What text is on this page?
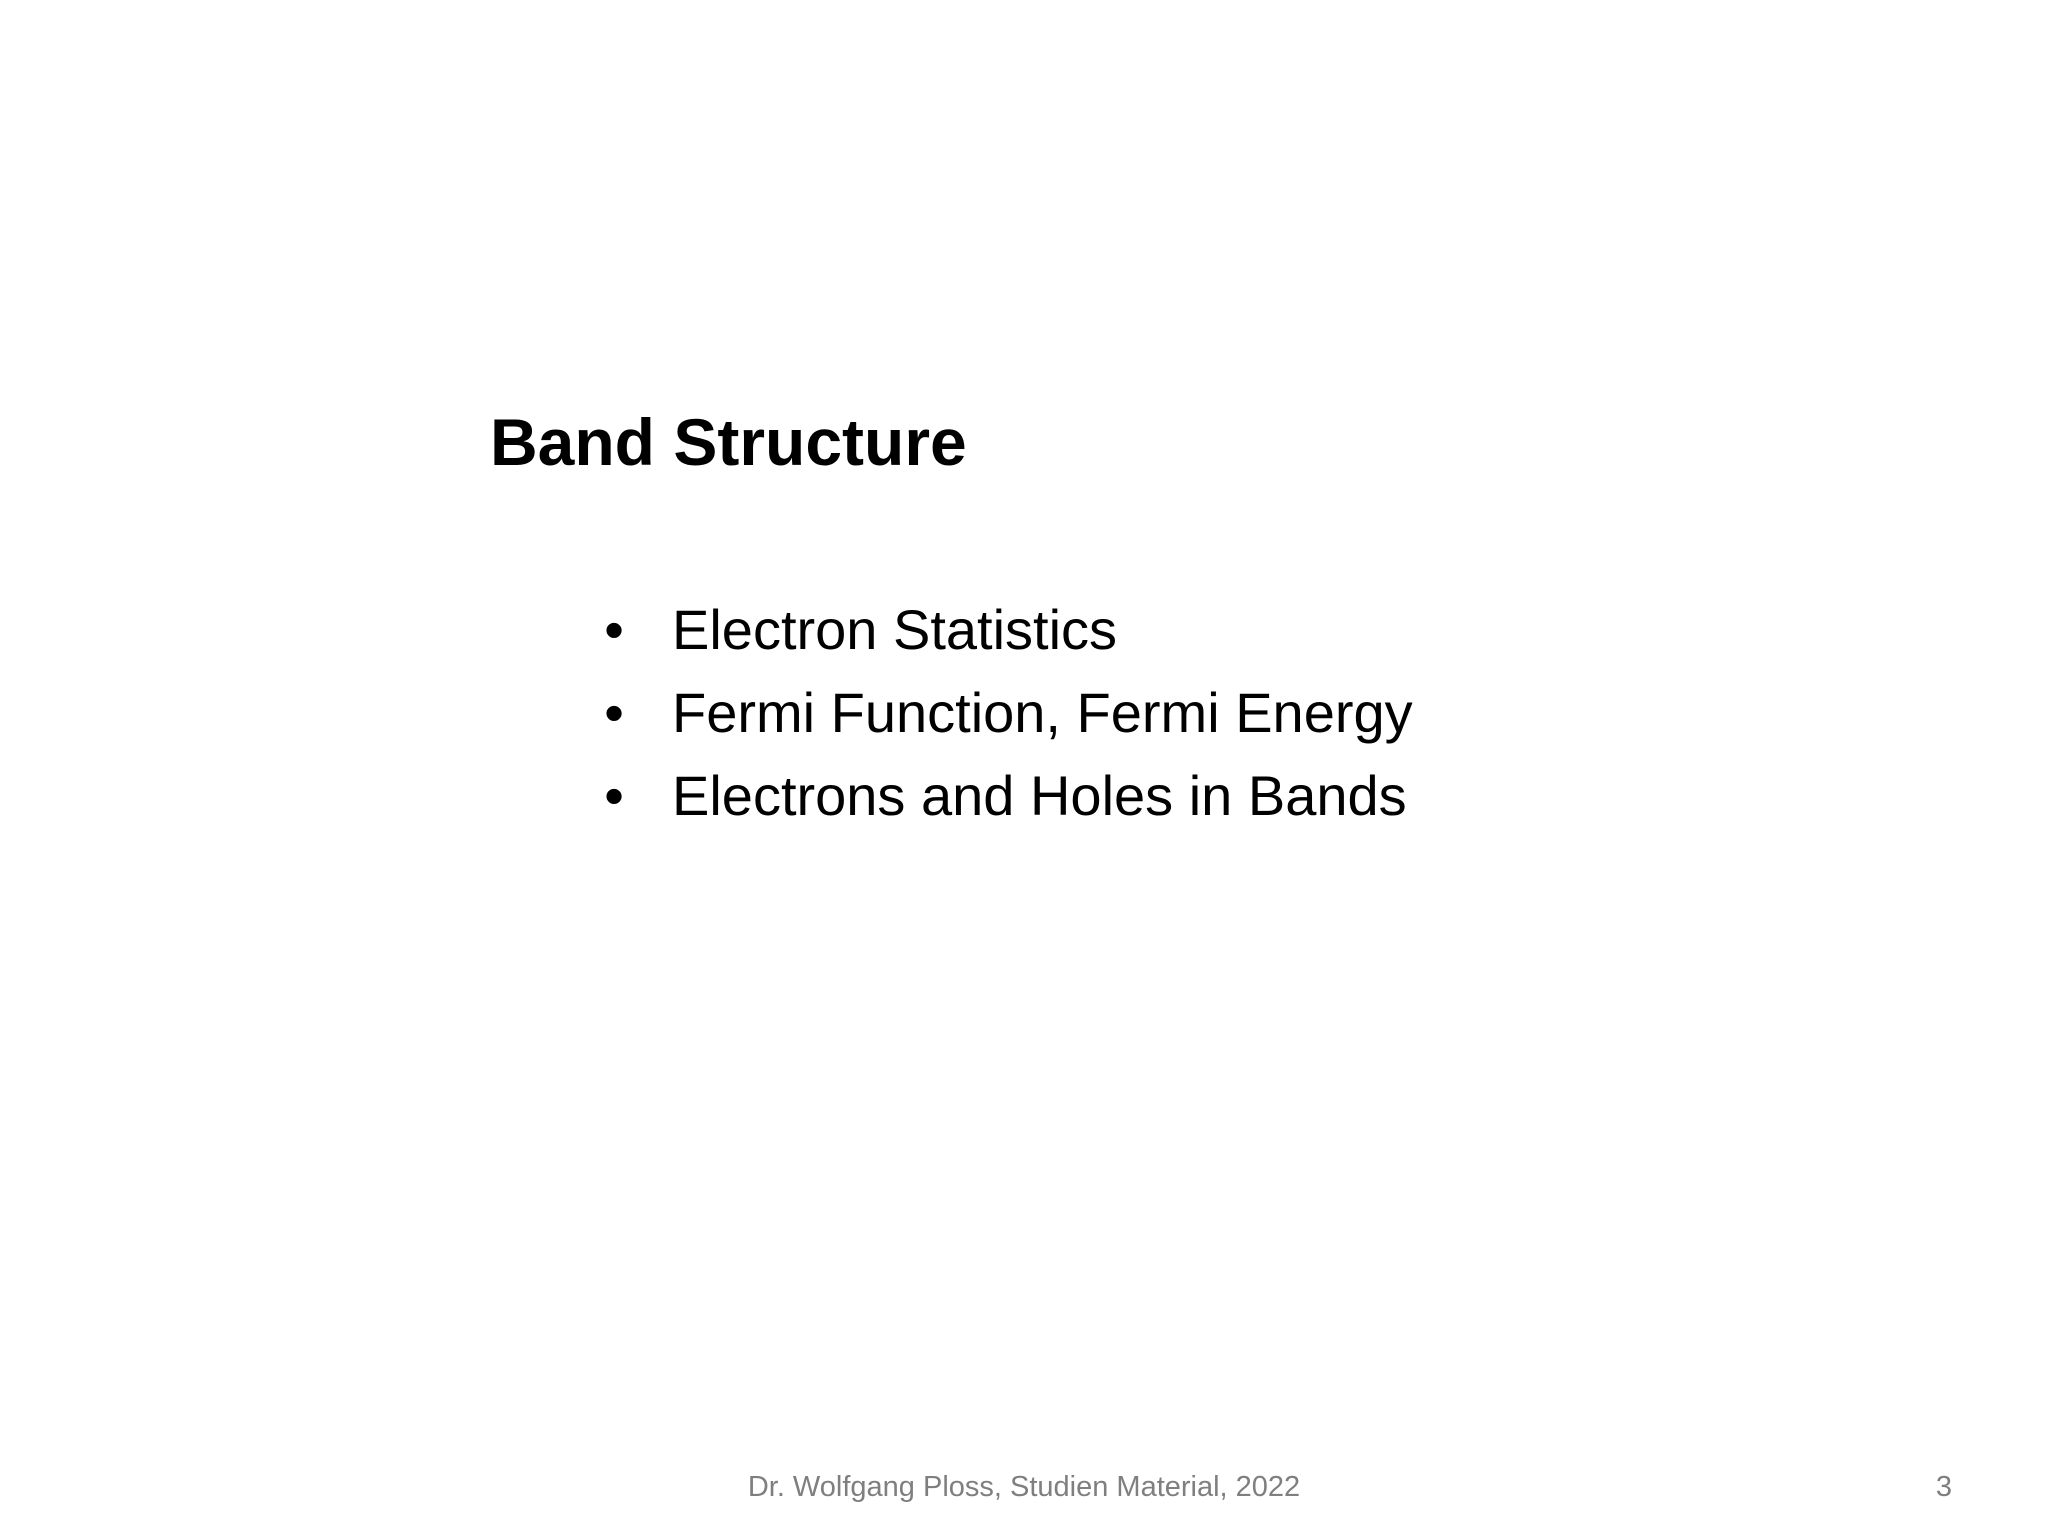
Band Structure
• Electron Statistics
• Fermi Function, Fermi Energy
• Electrons and Holes in Bands
Dr. Wolfgang Ploss, Studien Material, 2022	3
